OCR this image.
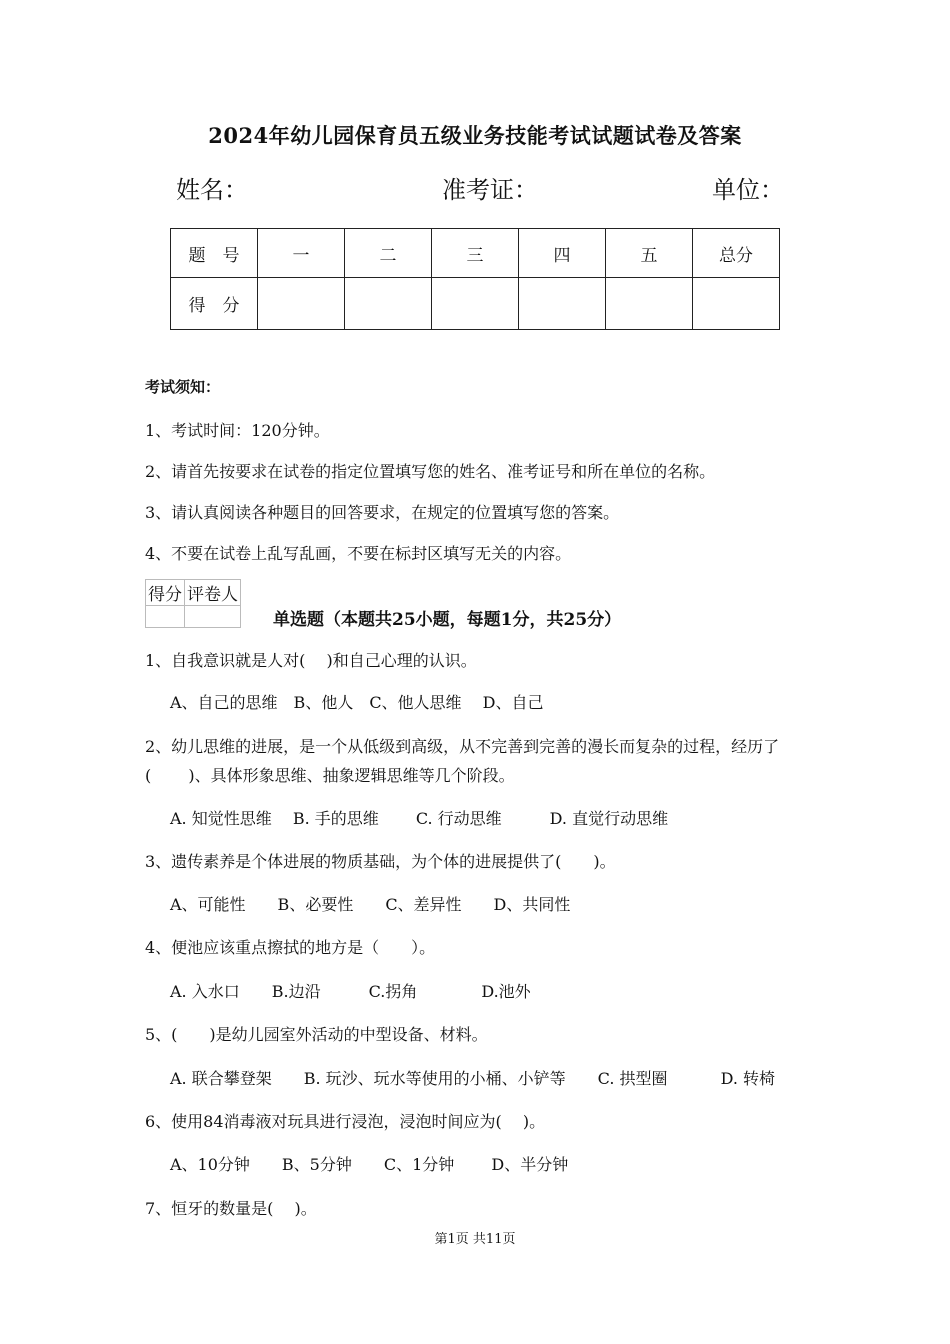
2024年幼儿园保育员五级业务技能考试试题试卷及答案
姓名：	准考证：	单位：
题　号	一	二	三	四	五	总分
得　分						
考试须知：
1、考试时间：120分钟。
2、请首先按要求在试卷的指定位置填写您的姓名、准考证号和所在单位的名称。
3、请认真阅读各种题目的回答要求，在规定的位置填写您的答案。
4、不要在试卷上乱写乱画，不要在标封区填写无关的内容。
得分	评卷人

单选题（本题共25小题，每题1分，共25分）
1、自我意识就是人对(　 )和自己心理的认识。
A、自己的思维　B、他人　C、他人思维　 D、自己
2、幼儿思维的进展，是一个从低级到高级，从不完善到完善的漫长而复杂的过程，经历了
(　　 )、具体形象思维、抽象逻辑思维等几个阶段。
A. 知觉性思维　 B. 手的思维　　 C. 行动思维　　　D. 直觉行动思维
3、遗传素养是个体进展的物质基础，为个体的进展提供了(　　)。
A、可能性　　B、必要性　　C、差异性　　D、共同性
4、便池应该重点擦拭的地方是（　　）。
A. 入水口　　B.边沿　　　C.拐角　　　　D.池外
5、(　　)是幼儿园室外活动的中型设备、材料。
A. 联合攀登架　　B. 玩沙、玩水等使用的小桶、小铲等　　C. 拱型圈　　　 D. 转椅
6、使用84消毒液对玩具进行浸泡，浸泡时间应为(　 )。
A、10分钟　　B、5分钟　　C、1分钟　　 D、半分钟
7、恒牙的数量是(　 )。
第1页 共11页
